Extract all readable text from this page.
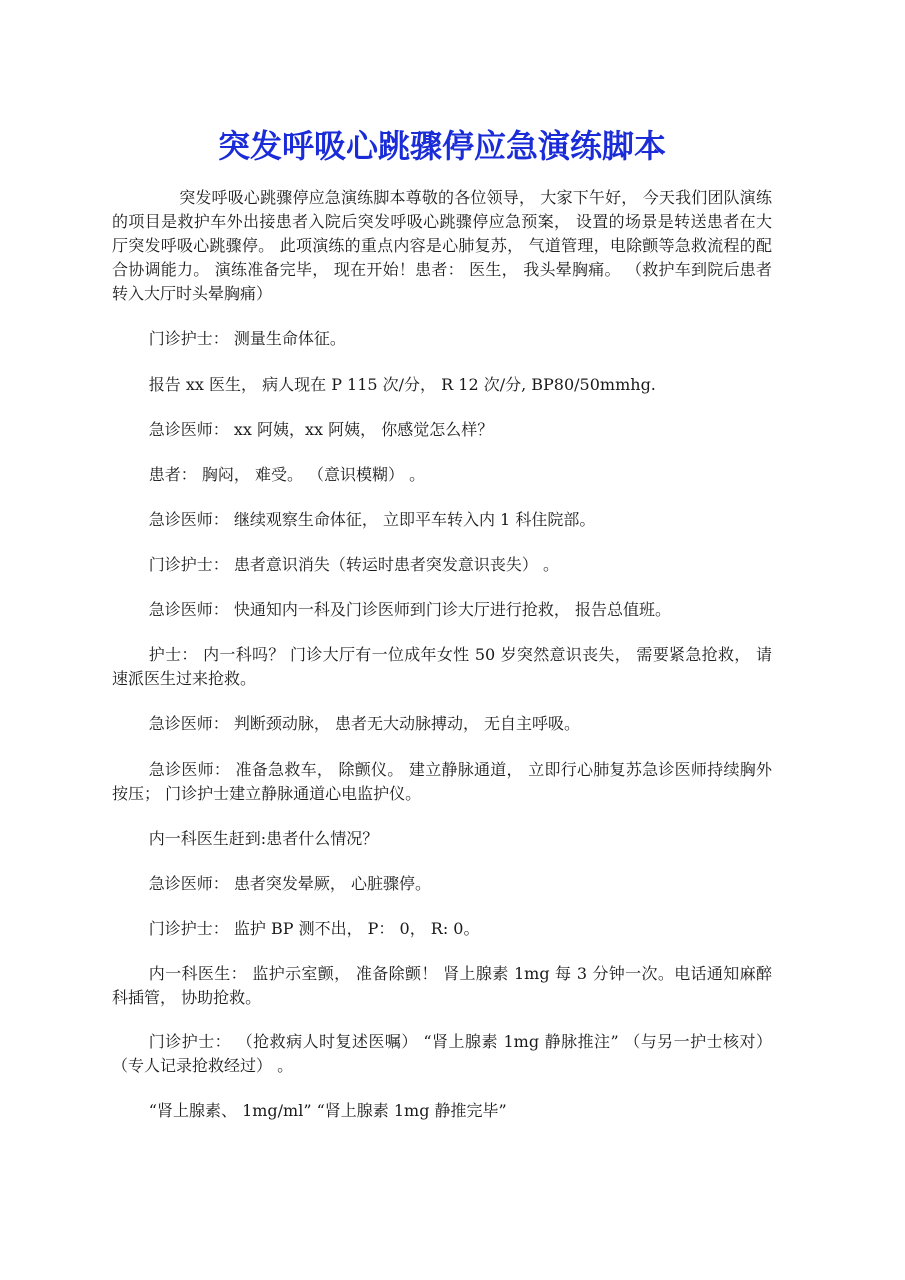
突发呼吸心跳骤停应急演练脚本

突发呼吸心跳骤停应急演练脚本尊敬的各位领导， 大家下午好， 今天我们团队演练的项目是救护车外出接患者入院后突发呼吸心跳骤停应急预案， 设置的场景是转送患者在大厅突发呼吸心跳骤停。 此项演练的重点内容是心肺复苏， 气道管理，电除颤等急救流程的配合协调能力。 演练准备完毕， 现在开始！患者： 医生， 我头晕胸痛。 （救护车到院后患者转入大厅时头晕胸痛）

门诊护士： 测量生命体征。

报告 xx 医生， 病人现在 P 115 次/分， R 12 次/分, BP80/50mmhg.

急诊医师： xx 阿姨，xx 阿姨， 你感觉怎么样？

患者： 胸闷， 难受。 （意识模糊） 。

急诊医师： 继续观察生命体征， 立即平车转入内 1 科住院部。

门诊护士： 患者意识消失（转运时患者突发意识丧失） 。

急诊医师： 快通知内一科及门诊医师到门诊大厅进行抢救， 报告总值班。

护士： 内一科吗？ 门诊大厅有一位成年女性 50 岁突然意识丧失， 需要紧急抢救， 请速派医生过来抢救。

急诊医师： 判断颈动脉， 患者无大动脉搏动， 无自主呼吸。

急诊医师： 准备急救车， 除颤仪。 建立静脉通道， 立即行心肺复苏急诊医师持续胸外按压； 门诊护士建立静脉通道心电监护仪。

内一科医生赶到:患者什么情况？

急诊医师： 患者突发晕厥， 心脏骤停。

门诊护士： 监护 BP 测不出， P： 0， R: 0。

内一科医生： 监护示室颤， 准备除颤！ 肾上腺素 1mg 每 3 分钟一次。电话通知麻醉科插管， 协助抢救。

门诊护士： （抢救病人时复述医嘱） “肾上腺素 1mg 静脉推注” （与另一护士核对） （专人记录抢救经过） 。

“肾上腺素、 1mg/ml” “肾上腺素 1mg 静推完毕”
